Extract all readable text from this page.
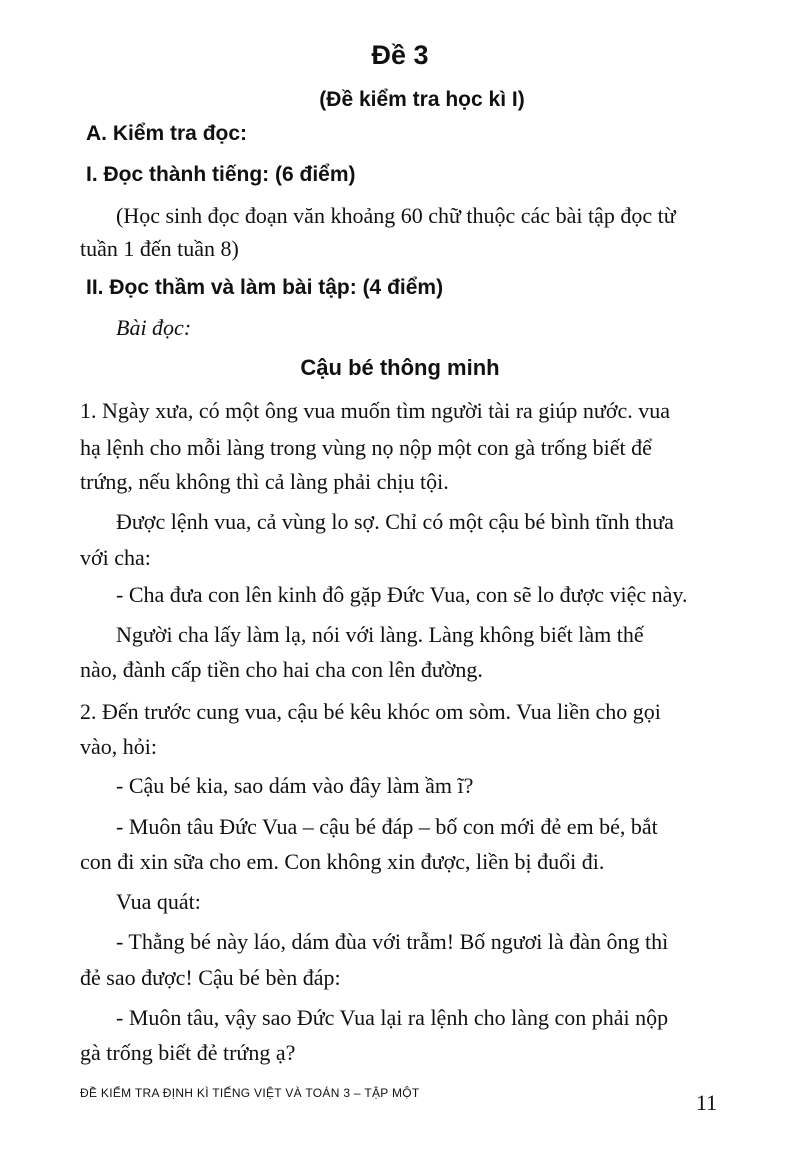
Đề 3
(Đề kiểm tra học kì I)
A. Kiểm tra đọc:
I. Đọc thành tiếng: (6 điểm)
(Học sinh đọc đoạn văn khoảng 60 chữ thuộc các bài tập đọc từ
tuần 1 đến tuần 8)
II. Đọc thầm và làm bài tập: (4 điểm)
Bài đọc:
Cậu bé thông minh
1. Ngày xưa, có một ông vua muốn tìm người tài ra giúp nước. vua
hạ lệnh cho mỗi làng trong vùng nọ nộp một con gà trống biết để
trứng, nếu không thì cả làng phải chịu tội.
Được lệnh vua, cả vùng lo sợ. Chỉ có một cậu bé bình tĩnh thưa
với cha:
- Cha đưa con lên kinh đô gặp Đức Vua, con sẽ lo được việc này.
Người cha lấy làm lạ, nói với làng. Làng không biết làm thế
nào, đành cấp tiền cho hai cha con lên đường.
2. Đến trước cung vua, cậu bé kêu khóc om sòm. Vua liền cho gọi
vào, hỏi:
- Cậu bé kia, sao dám vào đây làm ầm ĩ?
- Muôn tâu Đức Vua – cậu bé đáp – bố con mới đẻ em bé, bắt
con đi xin sữa cho em. Con không xin được, liền bị đuổi đi.
Vua quát:
- Thằng bé này láo, dám đùa với trẫm! Bố ngươi là đàn ông thì
đẻ sao được! Cậu bé bèn đáp:
- Muôn tâu, vậy sao Đức Vua lại ra lệnh cho làng con phải nộp
gà trống biết đẻ trứng ạ?
ĐỀ KIỂM TRA ĐỊNH KÌ TIẾNG VIỆT VÀ TOÁN 3 – TẬP MỘT	11
